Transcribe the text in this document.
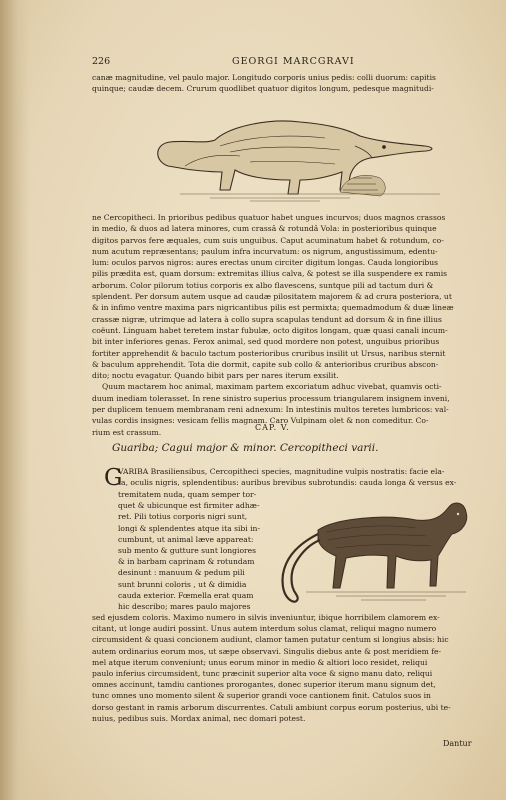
226	GEORGI MARCGRAVI
canæ magnitudine, vel paulo major. Longitudo corporis unius pedis: colli duorum: capitis
quinque; caudæ decem. Crurum quodlibet quatuor digitos longum, pedesque magnitudi-
ne Cercopitheci. In prioribus pedibus quatuor habet ungues incurvos; duos magnos crassos
in medio, & duos ad latera minores, cum crassâ & rotundâ Vola: in posterioribus quinque
digitos parvos fere æquales, cum suis unguibus. Caput acuminatum habet & rotundum, co-
num acutum repræsentans; paulum infra incurvatum: os nigrum, angustissimum, edentu-
lum: oculos parvos nigros: aures erectas unum circiter digitum longas. Cauda longioribus
pilis prædita est, quam dorsum: extremitas illius calva, & potest se illa suspendere ex ramis
arborum. Color pilorum totius corporis ex albo flavescens, suntque pili ad tactum duri &
splendent. Per dorsum autem usque ad caudæ pilositatem majorem & ad crura posteriora, ut
& in infimo ventre maxima pars nigricantibus pilis est permixta; quemadmodum & duæ lineæ
crassæ nigræ, utrimque ad latera à collo supra scapulas tendunt ad dorsum & in fine illius
coëunt. Linguam habet teretem instar fubulæ, octo digitos longam, quæ quasi canali incum-
bit inter inferiores genas. Ferox animal, sed quod mordere non potest, unguibus prioribus
fortiter apprehendit & baculo tactum posterioribus cruribus insilit ut Ursus, naribus sternit
& baculum apprehendit. Tota die dormit, capite sub collo & anterioribus cruribus abscon-
dito; noctu evagatur. Quando bibit pars per nares iterum exsilit.
Quum mactarem hoc animal, maximam partem excoriatum adhuc vivebat, quamvis octi-
duum inediam tolerasset. In rene sinistro superius processum triangularem insignem inveni,
per duplicem tenuem membranam reni adnexum: In intestinis multos teretes lumbricos: val-
vulas cordis insignes: vesicam fellis magnam. Caro Vulpinam olet & non comeditur. Co-
rium est crassum.
CAP. V.
Guariba; Cagui major & minor. Cercopitheci varii.
G
VARIBA Brasiliensibus, Cercopitheci species, magnitudine vulpis nostratis: facie ela-
ta, oculis nigris, splendentibus: auribus brevibus subrotundis: cauda longa & versus ex-
tremitatem nuda, quam semper tor-
quet & ubicunque est firmiter adhæ-
ret. Pili totius corporis nigri sunt,
longi & splendentes atque ita sibi in-
cumbunt, ut animal læve appareat:
sub mento & gutture sunt longiores
& in barbam caprinam & rotundam
desinunt : manuum & pedum pili
sunt brunni coloris , ut & dimidia
cauda exterior. Fœmella erat quam
hic describo; mares paulo majores
sed ejusdem coloris. Maximo numero in silvis inveniuntur, ibique horribilem clamorem ex-
citant, ut longe audiri possint. Unus autem interdum solus clamat, reliqui magno numero
circumsident & quasi concionem audiunt, clamor tamen putatur centum si longius absis: hic
autem ordinarius eorum mos, ut sæpe observavi. Singulis diebus ante & post meridiem fe-
mel atque iterum conveniunt; unus eorum minor in medio & altiori loco residet, reliqui
paulo inferius circumsident, tunc præcinit superior alta voce & signo manu dato, reliqui
omnes accinunt, tamdiu cantiones prorogantes, donec superior iterum manu signum det,
tunc omnes uno momento silent & superior grandi voce cantionem finit. Catulos suos in
dorso gestant in ramis arborum discurrentes. Catuli ambiunt corpus eorum posterius, ubi te-
nuius, pedibus suis. Mordax animal, nec domari potest.
Dantur
